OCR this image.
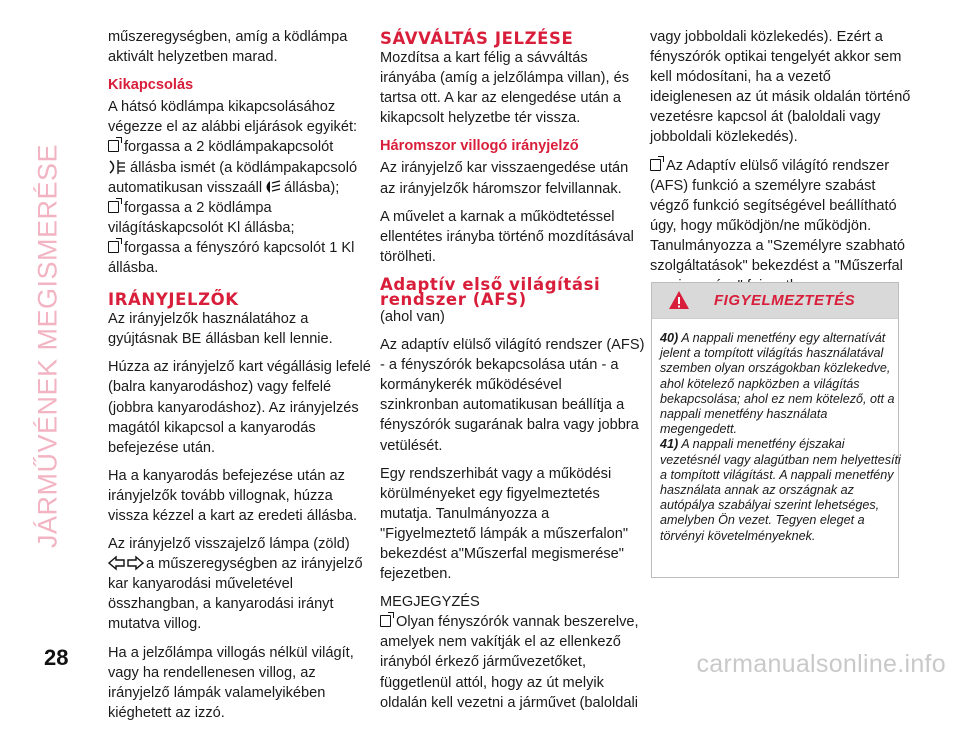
JÁRMŰVÉNEK MEGISMERÉSE

műszeregységben, amíg a ködlámpa
aktivált helyzetben marad.

Kikapcsolás
A hátsó ködlámpa kikapcsolásához
végezze el az alábbi eljárások egyikét:
forgassa a 2 ködlámpakapcsolót
állásba ismét (a ködlámpakapcsoló
automatikusan visszaáll állásba);
forgassa a 2 ködlámpa
világításkapcsolót Kl állásba;
forgassa a fényszóró kapcsolót 1 Kl
állásba.
IRÁNYJELZŐK

Az irányjelzők használatához a
gyújtásnak BE állásban kell lennie.

Húzza az irányjelző kart végállásig lefelé
(balra kanyarodáshoz) vagy felfelé
(jobbra kanyarodáshoz). Az irányjelzés
magától kikapcsol a kanyarodás
befejezése után.

Ha a kanyarodás befejezése után az
irányjelzők tovább villognak, húzza
vissza kézzel a kart az eredeti állásba.

Az irányjelző visszajelző lámpa (zöld)
a műszeregységben az irányjelző
kar kanyarodási műveletével
összhangban, a kanyarodási irányt
mutatva villog.

Ha a jelzőlámpa villogás nélkül világít,
vagy ha rendellenesen villog, az
irányjelző lámpák valamelyikében
kiéghetett az izzó.

SÁVVÁLTÁS JELZÉSE

Mozdítsa a kart félig a sávváltás
irányába (amíg a jelzőlámpa villan), és
tartsa ott. A kar az elengedése után a
kikapcsolt helyzetbe tér vissza.

Háromszor villogó irányjelző

Az irányjelző kar visszaengedése után
az irányjelzők háromszor felvillannak.

A művelet a karnak a működtetéssel
ellentétes irányba történő mozdításával
törölheti.

Adaptív első világítási
rendszer (AFS)

(ahol van)

Az adaptív elülső világító rendszer (AFS)
- a fényszórók bekapcsolása után - a
kormánykerék működésével
szinkronban automatikusan beállítja a
fényszórók sugarának balra vagy jobbra
vetülését.

Egy rendszerhibát vagy a működési
körülményeket egy figyelmeztetés
mutatja. Tanulmányozza a
"Figyelmeztető lámpák a műszerfalon"
bekezdést a"Műszerfal megismerése"
fejezetben.

MEGJEGYZÉS
Olyan fényszórók vannak beszerelve,
amelyek nem vakítják el az ellenkező
irányból érkező járművezetőket,
függetlenül attól, hogy az út melyik
oldalán kell vezetni a járművet (baloldali

vagy jobboldali közlekedés). Ezért a
fényszórók optikai tengelyét akkor sem
kell módosítani, ha a vezető
ideiglenesen az út másik oldalán történő
vezetésre kapcsol át (baloldali vagy
jobboldali közlekedés).

Az Adaptív elülső világító rendszer
(AFS) funkció a személyre szabást
végző funkció segítségével beállítható
úgy, hogy működjön/ne működjön.
Tanulmányozza a "Személyre szabható
szolgáltatások" bekezdést a "Műszerfal
FIGYELMEZTETÉS
40) A nappali menetfény egy alternatívát
jelent a tompított világítás használatával
szemben olyan országokban közlekedve,
ahol kötelező napközben a világítás
bekapcsolása; ahol ez nem kötelező, ott a
nappali menetfény használata
megengedett.
41) A nappali menetfény éjszakai
vezetésnél vagy alagútban nem helyettesíti
a tompított világítást. A nappali menetfény
használata annak az országnak az
autópálya szabályai szerint lehetséges,
amelyben Ön vezet. Tegyen eleget a
törvényi követelményeknek.
28	carmanualsonline.info
